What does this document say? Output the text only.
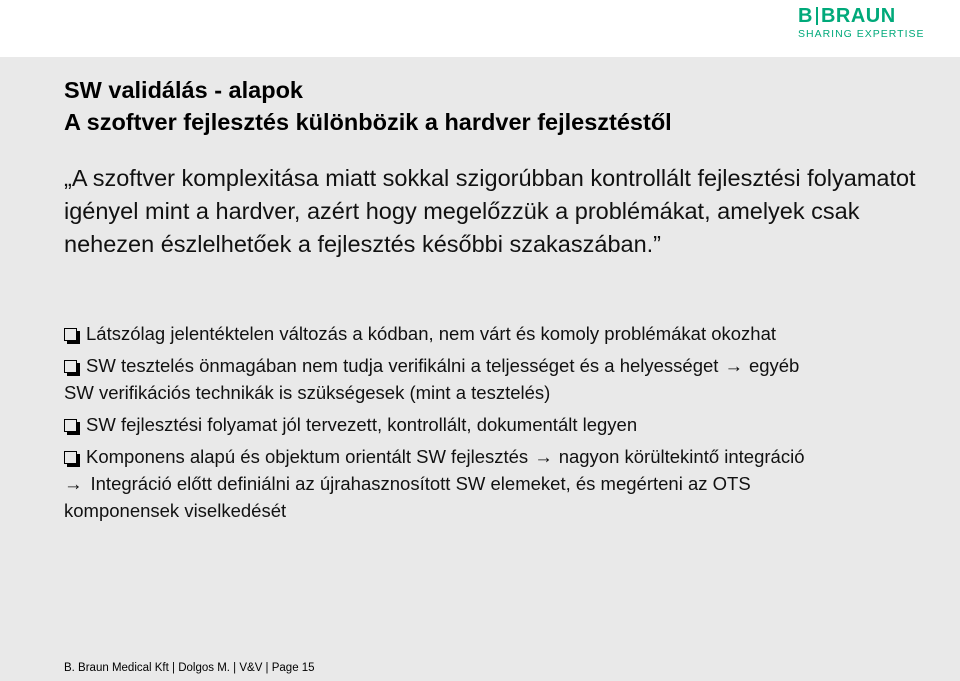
B BRAUN
SHARING EXPERTISE
SW validálás - alapok
A szoftver fejlesztés különbözik a hardver fejlesztéstől
„A szoftver komplexitása miatt sokkal szigorúbban kontrollált fejlesztési folyamatot igényel mint a hardver, azért hogy megelőzzük a problémákat, amelyek csak nehezen észlelhetőek a fejlesztés későbbi szakaszában.”
Látszólag jelentéktelen változás a kódban, nem várt és komoly problémákat okozhat
SW tesztelés önmagában nem tudja verifikálni a teljességet és a helyességet → egyéb
SW verifikációs technikák is szükségesek (mint a tesztelés)
SW fejlesztési folyamat jól tervezett, kontrollált, dokumentált legyen
Komponens alapú és objektum orientált SW fejlesztés → nagyon körültekintő integráció
→ Integráció előtt definiálni az újrahasznosított SW elemeket, és megérteni az OTS
komponensek viselkedését
B. Braun Medical Kft | Dolgos M. | V&V | Page 15
